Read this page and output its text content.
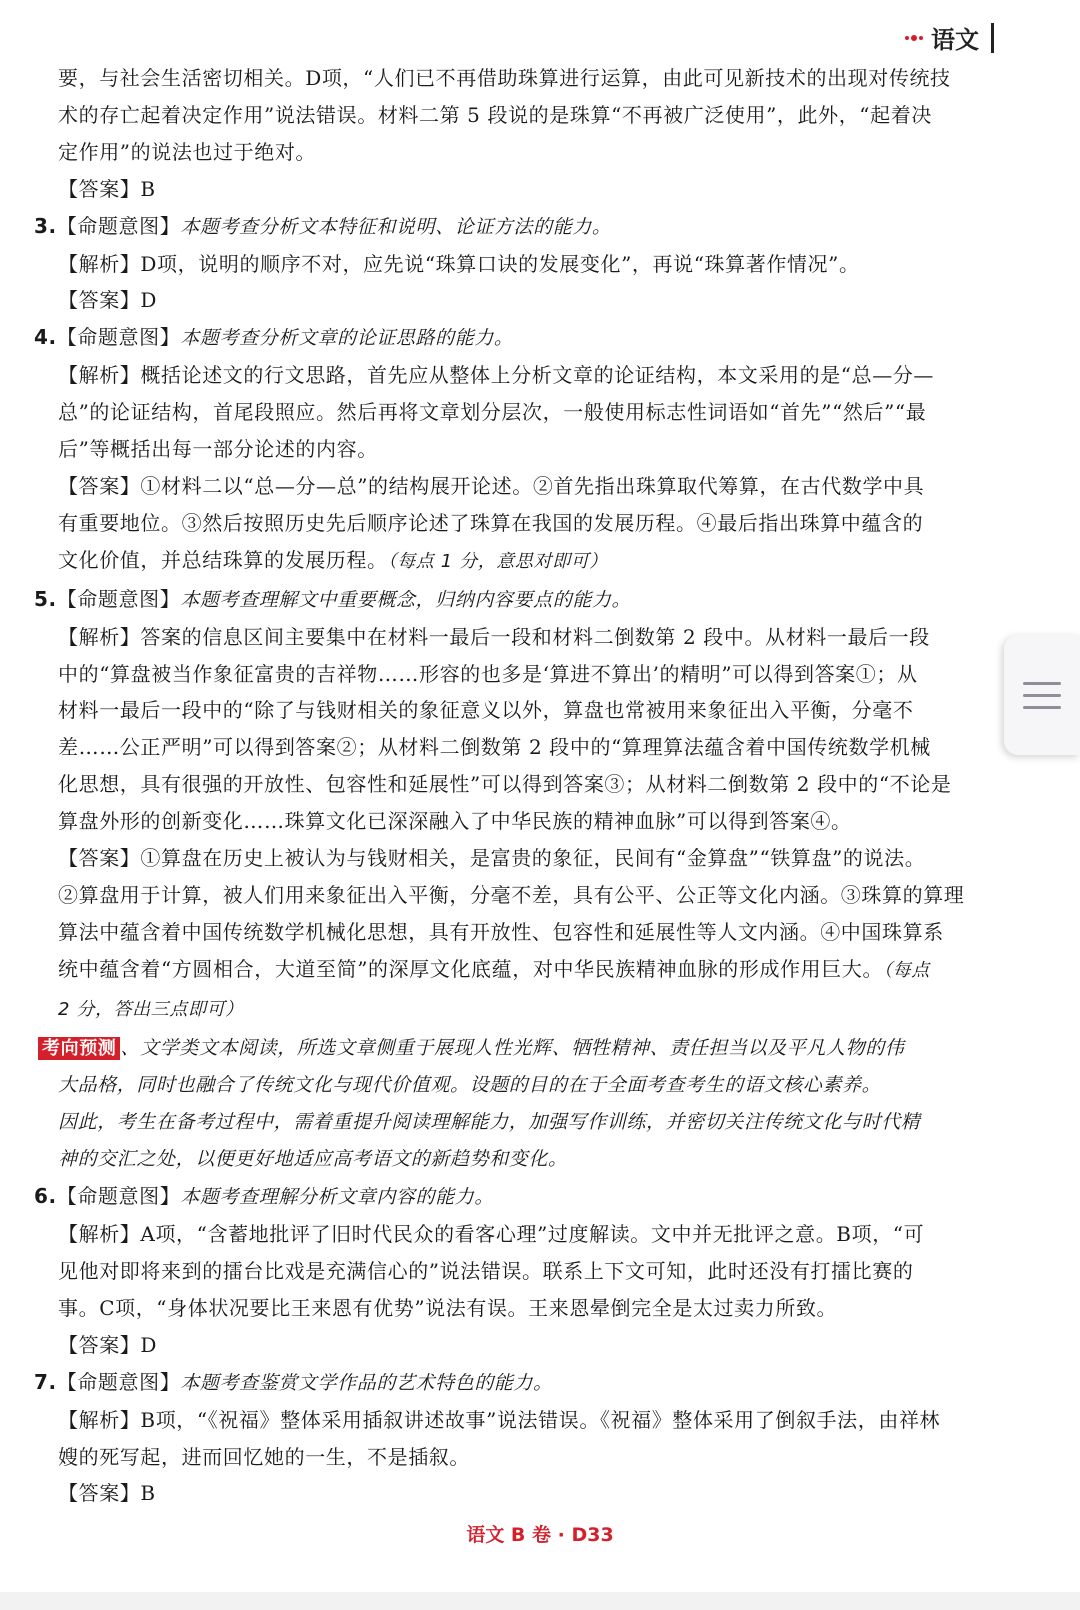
语文
要，与社会生活密切相关。D项，“人们已不再借助珠算进行运算，由此可见新技术的出现对传统技
术的存亡起着决定作用”说法错误。材料二第 5 段说的是珠算“不再被广泛使用”，此外，“起着决
定作用”的说法也过于绝对。
【答案】B
3.【命题意图】本题考查分析文本特征和说明、论证方法的能力。
【解析】D项，说明的顺序不对，应先说“珠算口诀的发展变化”，再说“珠算著作情况”。
【答案】D
4.【命题意图】本题考查分析文章的论证思路的能力。
【解析】概括论述文的行文思路，首先应从整体上分析文章的论证结构，本文采用的是“总—分—
总”的论证结构，首尾段照应。然后再将文章划分层次，一般使用标志性词语如“首先”“然后”“最
后”等概括出每一部分论述的内容。
【答案】①材料二以“总—分—总”的结构展开论述。②首先指出珠算取代筹算，在古代数学中具
有重要地位。③然后按照历史先后顺序论述了珠算在我国的发展历程。④最后指出珠算中蕴含的
文化价值，并总结珠算的发展历程。（每点 1 分，意思对即可）
5.【命题意图】本题考查理解文中重要概念，归纳内容要点的能力。
【解析】答案的信息区间主要集中在材料一最后一段和材料二倒数第 2 段中。从材料一最后一段
中的“算盘被当作象征富贵的吉祥物……形容的也多是‘算进不算出’的精明”可以得到答案①；从
材料一最后一段中的“除了与钱财相关的象征意义以外，算盘也常被用来象征出入平衡，分毫不
差……公正严明”可以得到答案②；从材料二倒数第 2 段中的“算理算法蕴含着中国传统数学机械
化思想，具有很强的开放性、包容性和延展性”可以得到答案③；从材料二倒数第 2 段中的“不论是
算盘外形的创新变化……珠算文化已深深融入了中华民族的精神血脉”可以得到答案④。
【答案】①算盘在历史上被认为与钱财相关，是富贵的象征，民间有“金算盘”“铁算盘”的说法。
②算盘用于计算，被人们用来象征出入平衡，分毫不差，具有公平、公正等文化内涵。③珠算的算理
算法中蕴含着中国传统数学机械化思想，具有开放性、包容性和延展性等人文内涵。④中国珠算系
统中蕴含着“方圆相合，大道至简”的深厚文化底蕴，对中华民族精神血脉的形成作用巨大。（每点
2 分，答出三点即可）
考向预测 、文学类文本阅读，所选文章侧重于展现人性光辉、牺牲精神、责任担当以及平凡人物的伟
大品格，同时也融合了传统文化与现代价值观。设题的目的在于全面考查考生的语文核心素养。
因此，考生在备考过程中，需着重提升阅读理解能力，加强写作训练，并密切关注传统文化与时代精
神的交汇之处，以便更好地适应高考语文的新趋势和变化。
6.【命题意图】本题考查理解分析文章内容的能力。
【解析】A项，“含蓄地批评了旧时代民众的看客心理”过度解读。文中并无批评之意。B项，“可
见他对即将来到的擂台比戏是充满信心的”说法错误。联系上下文可知，此时还没有打擂比赛的
事。C项，“身体状况要比王来恩有优势”说法有误。王来恩晕倒完全是太过卖力所致。
【答案】D
7.【命题意图】本题考查鉴赏文学作品的艺术特色的能力。
【解析】B项，“《祝福》整体采用插叙讲述故事”说法错误。《祝福》整体采用了倒叙手法，由祥林
嫂的死写起，进而回忆她的一生，不是插叙。
【答案】B
语文 B 卷 · D33
